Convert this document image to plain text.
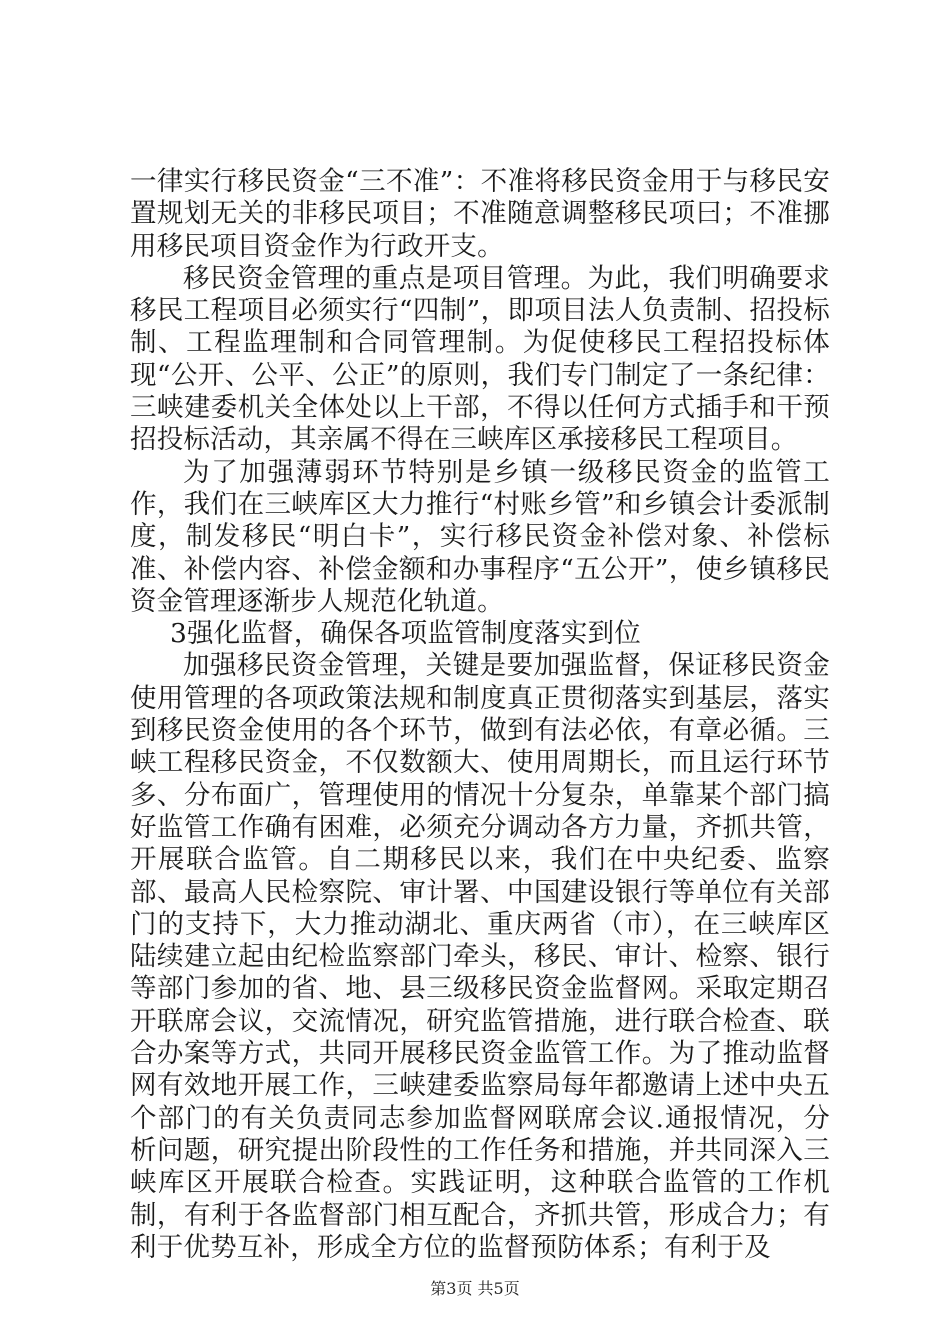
一律实行移民资金“三不准”：不准将移民资金用于与移民安置规划无关的非移民项目；不准随意调整移民项曰；不准挪用移民项目资金作为行政开支。

移民资金管理的重点是项目管理。为此，我们明确要求移民工程项目必须实行“四制”，即项目法人负责制、招投标制、工程监理制和合同管理制。为促使移民工程招投标体现“公开、公平、公正”的原则，我们专门制定了一条纪律：三峡建委机关全体处以上干部，不得以任何方式插手和干预招投标活动，其亲属不得在三峡库区承接移民工程项目。

为了加强薄弱环节特别是乡镇一级移民资金的监管工作，我们在三峡库区大力推行“村账乡管”和乡镇会计委派制度，制发移民“明白卡”，实行移民资金补偿对象、补偿标准、补偿内容、补偿金额和办事程序“五公开”，使乡镇移民资金管理逐渐步人规范化轨道。

3强化监督，确保各项监管制度落实到位

加强移民资金管理，关键是要加强监督，保证移民资金使用管理的各项政策法规和制度真正贯彻落实到基层，落实到移民资金使用的各个环节，做到有法必依，有章必循。三峡工程移民资金，不仅数额大、使用周期长，而且运行环节多、分布面广，管理使用的情况十分复杂，单靠某个部门搞好监管工作确有困难，必须充分调动各方力量，齐抓共管，开展联合监管。自二期移民以来，我们在中央纪委、监察部、最高人民检察院、审计署、中国建设银行等单位有关部门的支持下，大力推动湖北、重庆两省（市），在三峡库区陆续建立起由纪检监察部门牵头，移民、审计、检察、银行等部门参加的省、地、县三级移民资金监督网。采取定期召开联席会议，交流情况，研究监管措施，进行联合检查、联合办案等方式，共同开展移民资金监管工作。为了推动监督网有效地开展工作，三峡建委监察局每年都邀请上述中央五个部门的有关负责同志参加监督网联席会议.通报情况，分析问题，研究提出阶段性的工作任务和措施，并共同深入三峡库区开展联合检查。实践证明，这种联合监管的工作机制，有利于各监督部门相互配合，齐抓共管，形成合力；有利于优势互补，形成全方位的监督预防体系；有利于及

第3页 共5页
